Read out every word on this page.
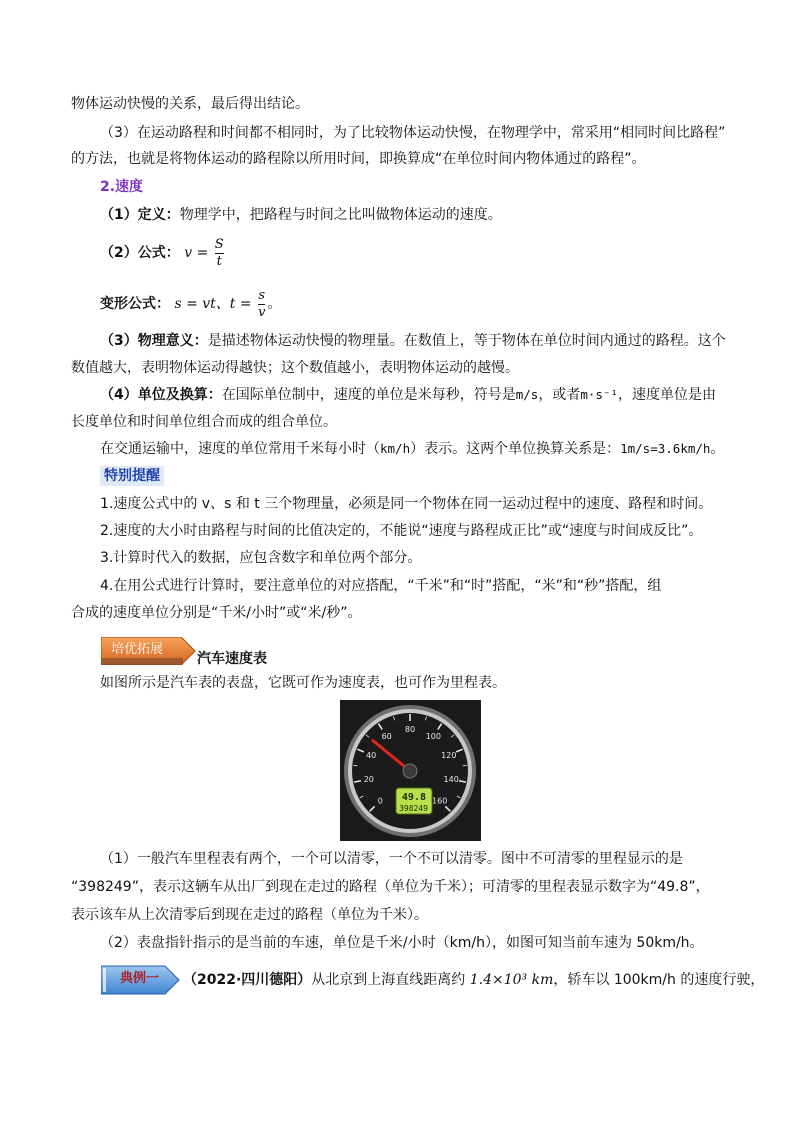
物体运动快慢的关系，最后得出结论。
（3）在运动路程和时间都不相同时，为了比较物体运动快慢，在物理学中，常采用“相同时间比路程”
的方法，也就是将物体运动的路程除以所用时间，即换算成“在单位时间内物体通过的路程”。
2.速度
（1）定义：物理学中，把路程与时间之比叫做物体运动的速度。
（2）公式： $v = \frac{S}{t}$
变形公式： s = vt、$t = \frac{s}{v}$ 。
（3）物理意义：是描述物体运动快慢的物理量。在数值上，等于物体在单位时间内通过的路程。这个
数值越大，表明物体运动得越快；这个数值越小，表明物体运动的越慢。
（4）单位及换算：在国际单位制中，速度的单位是米每秒，符号是m/s，或者m·s⁻¹，速度单位是由
长度单位和时间单位组合而成的组合单位。
在交通运输中，速度的单位常用千米每小时（km/h）表示。这两个单位换算关系是：1m/s=3.6km/h。
特别提醒
1.速度公式中的 v、s 和 t 三个物理量，必须是同一个物体在同一运动过程中的速度、路程和时间。
2.速度的大小时由路程与时间的比值决定的，不能说“速度与路程成正比”或“速度与时间成反比”。
3.计算时代入的数据，应包含数字和单位两个部分。
4.在用公式进行计算时，要注意单位的对应搭配，“千米”和“时”搭配，“米”和“秒”搭配，组
合成的速度单位分别是“千米/小时”或“米/秒”。
培优拓展
汽车速度表
如图所示是汽车表的表盘，它既可作为速度表，也可作为里程表。
0
20
40
60
80
100
120
140
160
49.8
398249
（1）一般汽车里程表有两个，一个可以清零，一个不可以清零。图中不可清零的里程显示的是
“398249”，表示这辆车从出厂到现在走过的路程（单位为千米）；可清零的里程表显示数字为“49.8”，
表示该车从上次清零后到现在走过的路程（单位为千米）。
（2）表盘指针指示的是当前的车速，单位是千米/小时（km/h），如图可知当前车速为 50km/h。
典例一 （2022·四川德阳）从北京到上海直线距离约 1.4×10³ km，轿车以 100km/h 的速度行驶，
